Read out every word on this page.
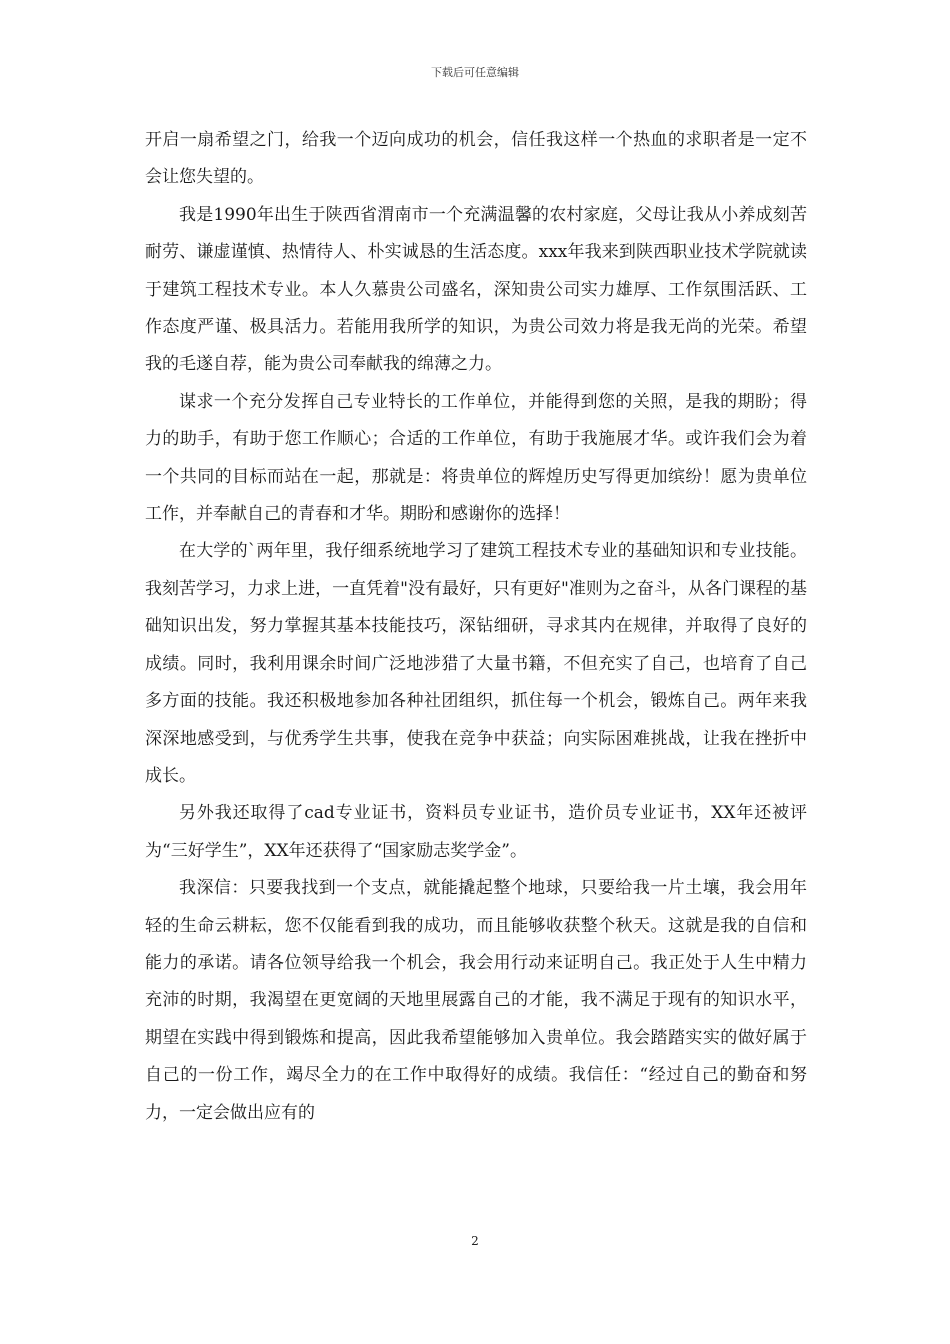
下载后可任意编辑

开启一扇希望之门，给我一个迈向成功的机会，信任我这样一个热血的求职者是一定不会让您失望的。

我是1990年出生于陕西省渭南市一个充满温馨的农村家庭，父母让我从小养成刻苦耐劳、谦虚谨慎、热情待人、朴实诚恳的生活态度。xxx年我来到陕西职业技术学院就读于建筑工程技术专业。本人久慕贵公司盛名，深知贵公司实力雄厚、工作氛围活跃、工作态度严谨、极具活力。若能用我所学的知识，为贵公司效力将是我无尚的光荣。希望我的毛遂自荐，能为贵公司奉献我的绵薄之力。

谋求一个充分发挥自己专业特长的工作单位，并能得到您的关照，是我的期盼；得力的助手，有助于您工作顺心；合适的工作单位，有助于我施展才华。或许我们会为着一个共同的目标而站在一起，那就是：将贵单位的辉煌历史写得更加缤纷！愿为贵单位工作，并奉献自己的青春和才华。期盼和感谢你的选择！

在大学的`两年里，我仔细系统地学习了建筑工程技术专业的基础知识和专业技能。我刻苦学习，力求上进，一直凭着"没有最好，只有更好"准则为之奋斗，从各门课程的基础知识出发，努力掌握其基本技能技巧，深钻细研，寻求其内在规律，并取得了良好的成绩。同时，我利用课余时间广泛地涉猎了大量书籍，不但充实了自己，也培育了自己多方面的技能。我还积极地参加各种社团组织，抓住每一个机会，锻炼自己。两年来我深深地感受到，与优秀学生共事，使我在竞争中获益；向实际困难挑战，让我在挫折中成长。

另外我还取得了cad专业证书，资料员专业证书，造价员专业证书，XX年还被评为“三好学生”，XX年还获得了“国家励志奖学金”。

我深信：只要我找到一个支点，就能撬起整个地球，只要给我一片土壤，我会用年轻的生命云耕耘，您不仅能看到我的成功，而且能够收获整个秋天。这就是我的自信和能力的承诺。请各位领导给我一个机会，我会用行动来证明自己。我正处于人生中精力充沛的时期，我渴望在更宽阔的天地里展露自己的才能，我不满足于现有的知识水平，期望在实践中得到锻炼和提高，因此我希望能够加入贵单位。我会踏踏实实的做好属于自己的一份工作，竭尽全力的在工作中取得好的成绩。我信任：“经过自己的勤奋和努力，一定会做出应有的

2
